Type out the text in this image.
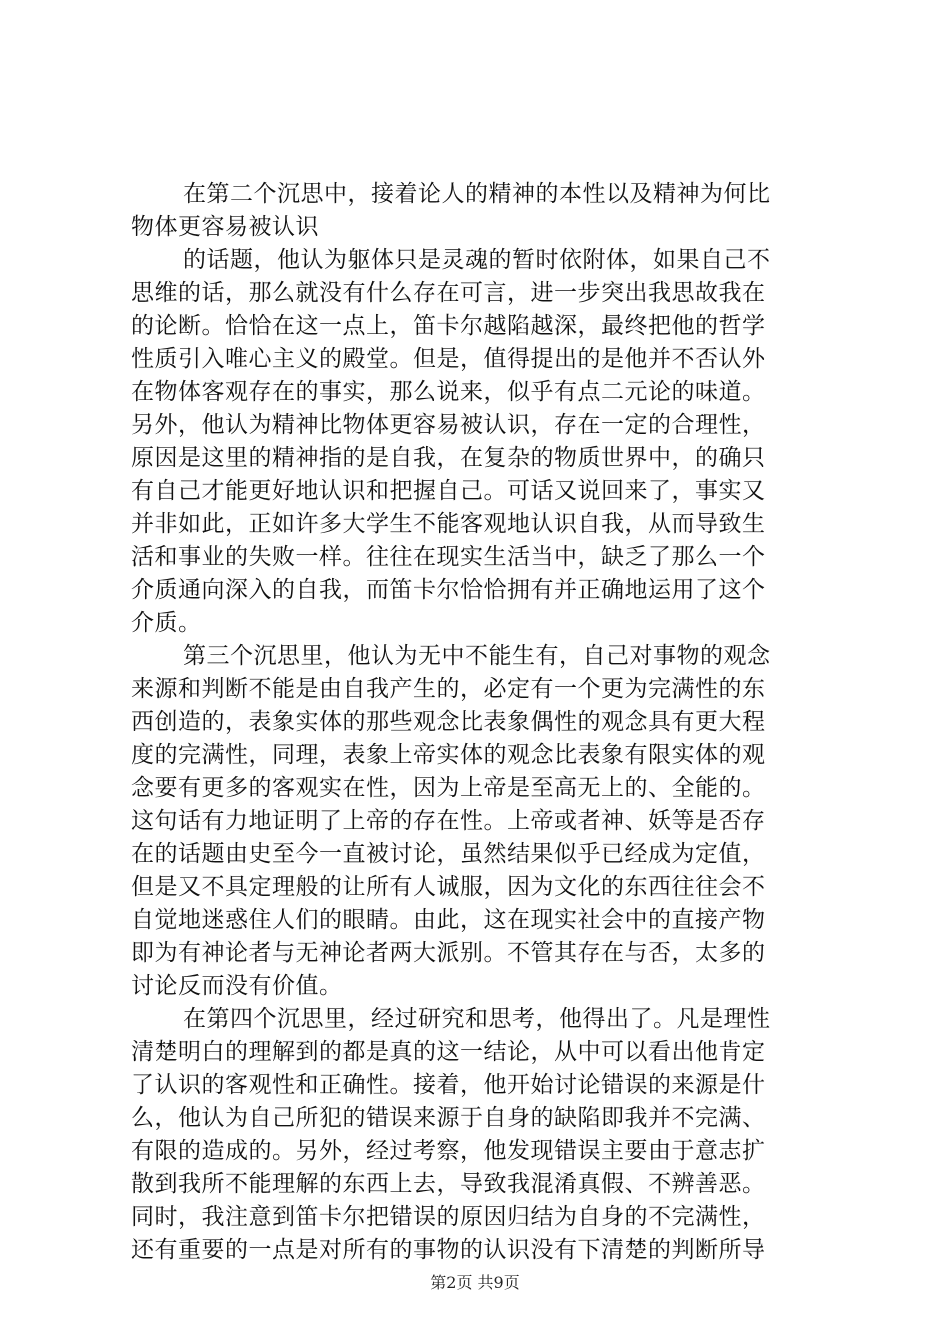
在第二个沉思中，接着论人的精神的本性以及精神为何比
物体更容易被认识
的话题，他认为躯体只是灵魂的暂时依附体，如果自己不
思维的话，那么就没有什么存在可言，进一步突出我思故我在
的论断。恰恰在这一点上，笛卡尔越陷越深，最终把他的哲学
性质引入唯心主义的殿堂。但是，值得提出的是他并不否认外
在物体客观存在的事实，那么说来，似乎有点二元论的味道。
另外，他认为精神比物体更容易被认识，存在一定的合理性，
原因是这里的精神指的是自我，在复杂的物质世界中，的确只
有自己才能更好地认识和把握自己。可话又说回来了，事实又
并非如此，正如许多大学生不能客观地认识自我，从而导致生
活和事业的失败一样。往往在现实生活当中，缺乏了那么一个
介质通向深入的自我，而笛卡尔恰恰拥有并正确地运用了这个
介质。
第三个沉思里，他认为无中不能生有，自己对事物的观念
来源和判断不能是由自我产生的，必定有一个更为完满性的东
西创造的，表象实体的那些观念比表象偶性的观念具有更大程
度的完满性，同理，表象上帝实体的观念比表象有限实体的观
念要有更多的客观实在性，因为上帝是至高无上的、全能的。
这句话有力地证明了上帝的存在性。上帝或者神、妖等是否存
在的话题由史至今一直被讨论，虽然结果似乎已经成为定值，
但是又不具定理般的让所有人诚服，因为文化的东西往往会不
自觉地迷惑住人们的眼睛。由此，这在现实社会中的直接产物
即为有神论者与无神论者两大派别。不管其存在与否，太多的
讨论反而没有价值。
在第四个沉思里，经过研究和思考，他得出了。凡是理性
清楚明白的理解到的都是真的这一结论，从中可以看出他肯定
了认识的客观性和正确性。接着，他开始讨论错误的来源是什
么，他认为自己所犯的错误来源于自身的缺陷即我并不完满、
有限的造成的。另外，经过考察，他发现错误主要由于意志扩
散到我所不能理解的东西上去，导致我混淆真假、不辨善恶。
同时，我注意到笛卡尔把错误的原因归结为自身的不完满性，
还有重要的一点是对所有的事物的认识没有下清楚的判断所导
第2页 共9页
